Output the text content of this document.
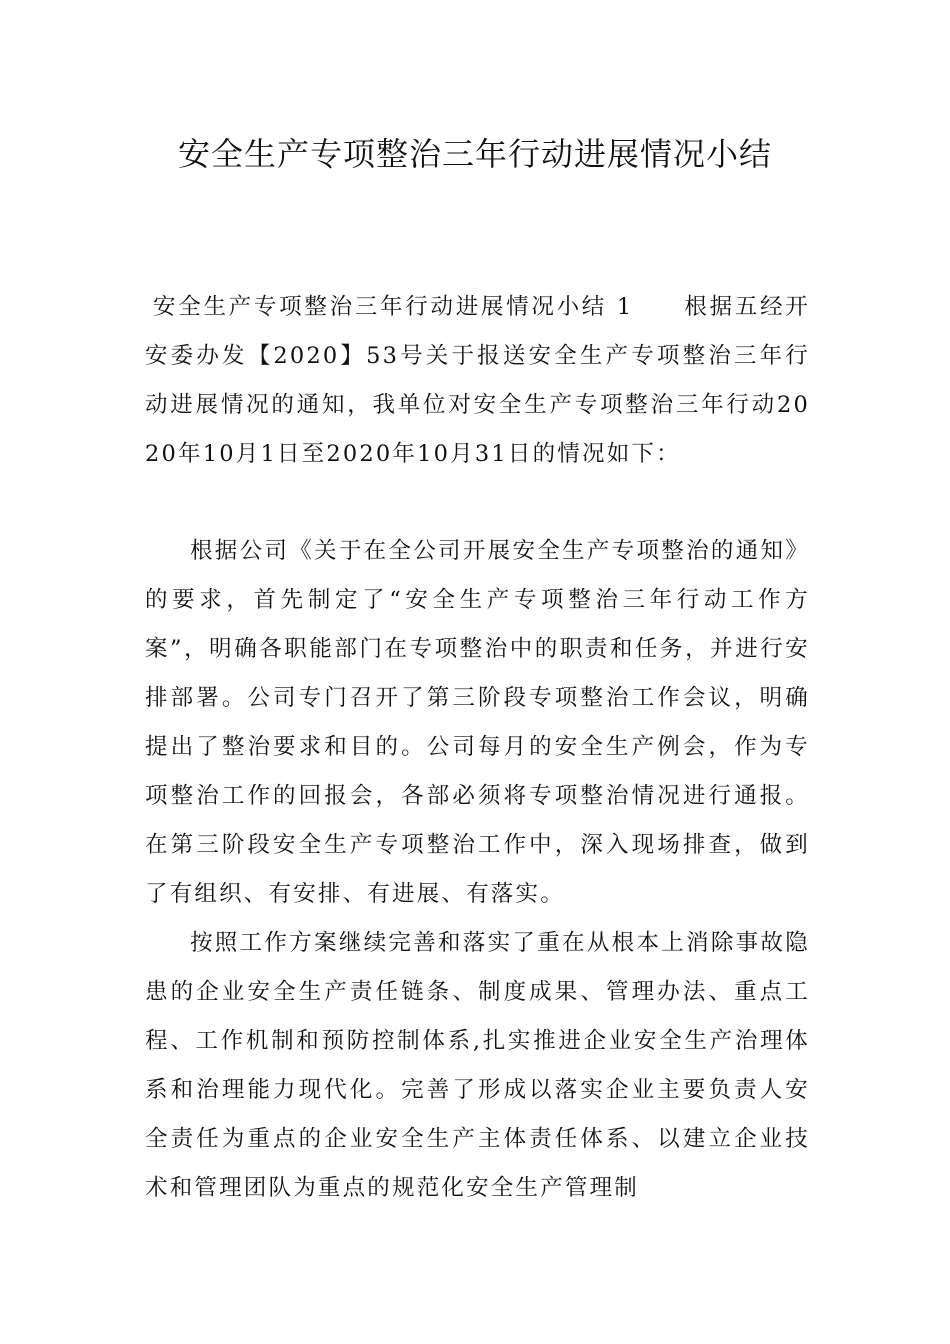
安全生产专项整治三年行动进展情况小结

安全生产专项整治三年行动进展情况小结 1　　根据五经开安委办发【2020】53号关于报送安全生产专项整治三年行动进展情况的通知，我单位对安全生产专项整治三年行动2020年10月1日至2020年10月31日的情况如下：

根据公司《关于在全公司开展安全生产专项整治的通知》的要求，首先制定了“安全生产专项整治三年行动工作方案”，明确各职能部门在专项整治中的职责和任务，并进行安排部署。公司专门召开了第三阶段专项整治工作会议，明确提出了整治要求和目的。公司每月的安全生产例会，作为专项整治工作的回报会，各部必须将专项整治情况进行通报。在第三阶段安全生产专项整治工作中，深入现场排查，做到了有组织、有安排、有进展、有落实。

按照工作方案继续完善和落实了重在从根本上消除事故隐患的企业安全生产责任链条、制度成果、管理办法、重点工程、工作机制和预防控制体系,扎实推进企业安全生产治理体系和治理能力现代化。完善了形成以落实企业主要负责人安全责任为重点的企业安全生产主体责任体系、以建立企业技术和管理团队为重点的规范化安全生产管理制
